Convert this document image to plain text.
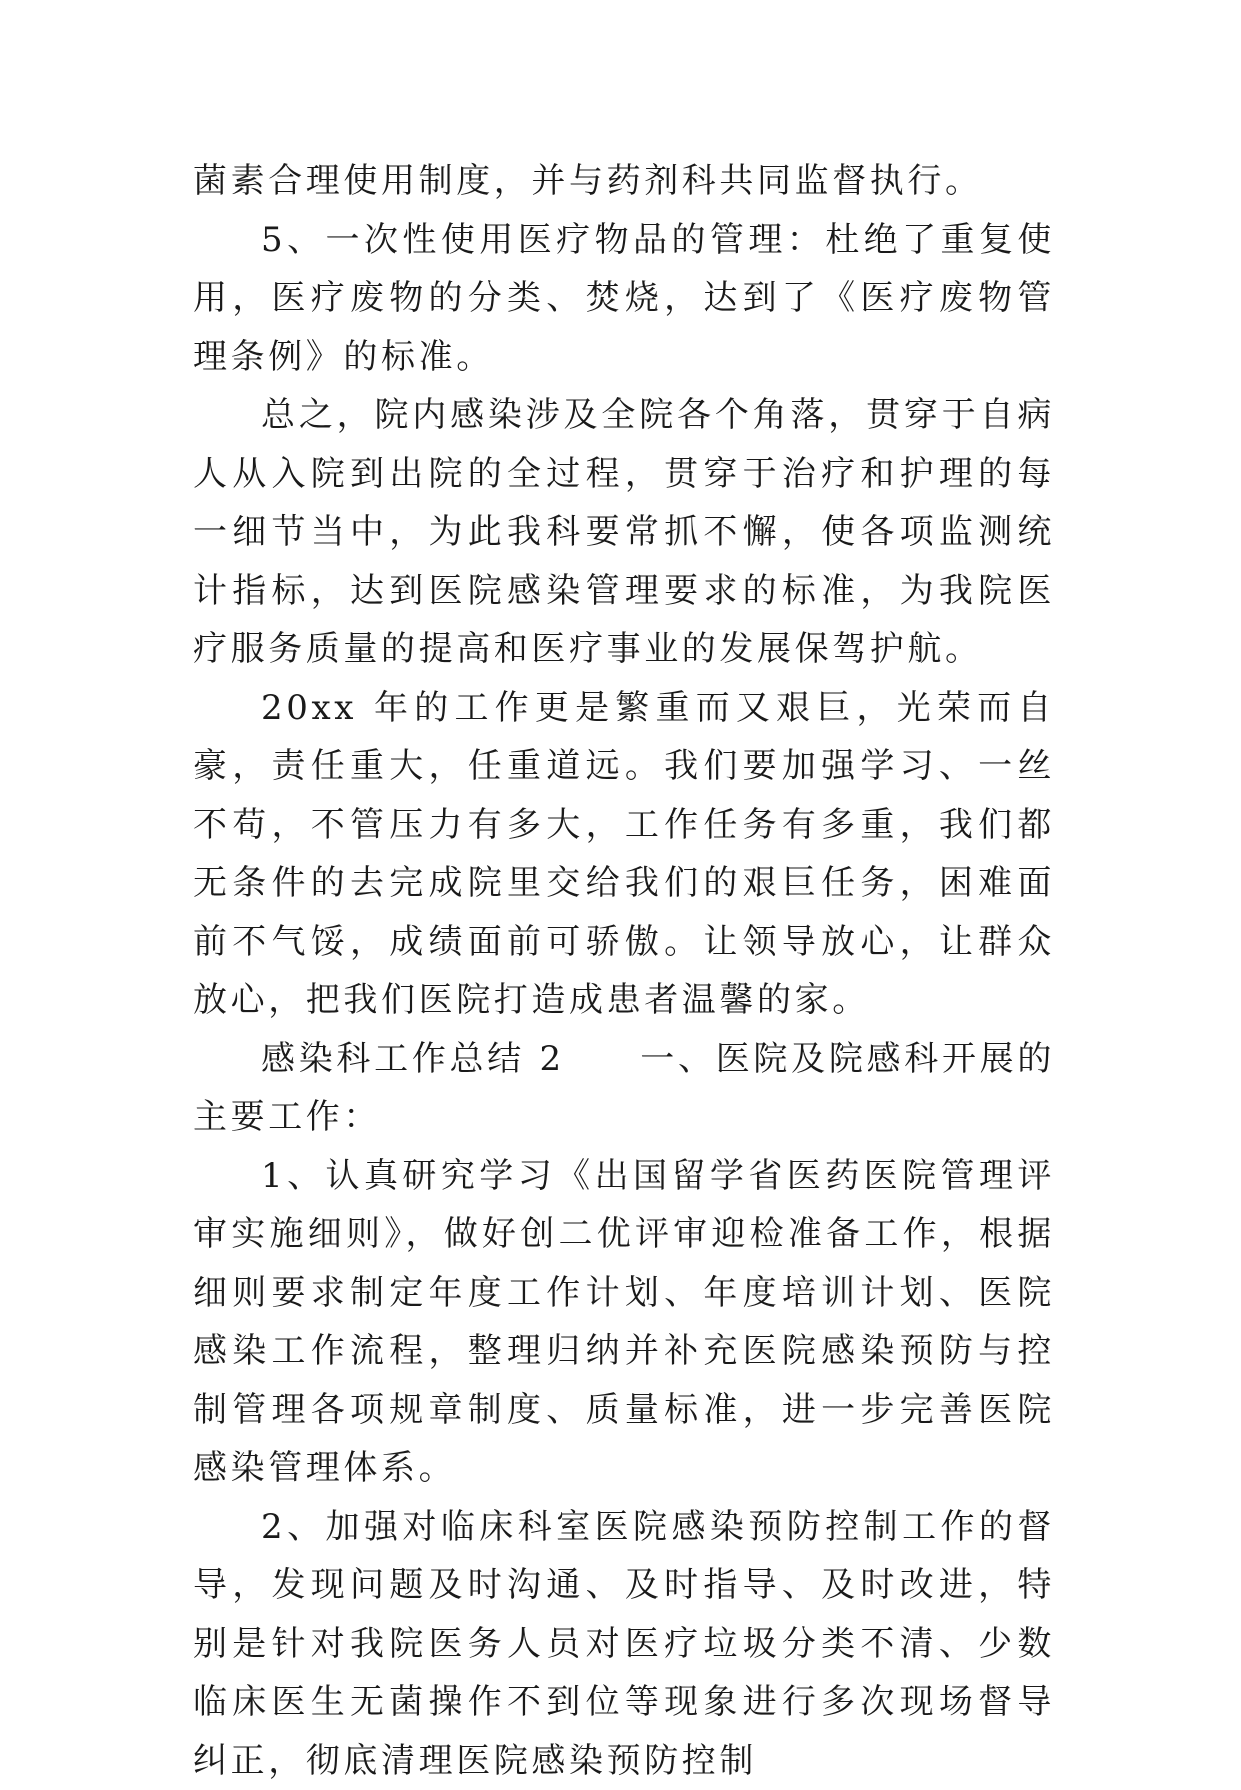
菌素合理使用制度，并与药剂科共同监督执行。

5、一次性使用医疗物品的管理：杜绝了重复使用，医疗废物的分类、焚烧，达到了《医疗废物管理条例》的标准。

总之，院内感染涉及全院各个角落，贯穿于自病人从入院到出院的全过程，贯穿于治疗和护理的每一细节当中，为此我科要常抓不懈，使各项监测统计指标，达到医院感染管理要求的标准，为我院医疗服务质量的提高和医疗事业的发展保驾护航。

20xx 年的工作更是繁重而又艰巨，光荣而自豪，责任重大，任重道远。我们要加强学习、一丝不苟，不管压力有多大，工作任务有多重，我们都无条件的去完成院里交给我们的艰巨任务，困难面前不气馁，成绩面前可骄傲。让领导放心，让群众放心，把我们医院打造成患者温馨的家。

感染科工作总结 2　　一、医院及院感科开展的主要工作：

1、认真研究学习《出国留学省医药医院管理评审实施细则》，做好创二优评审迎检准备工作，根据细则要求制定年度工作计划、年度培训计划、医院感染工作流程，整理归纳并补充医院感染预防与控制管理各项规章制度、质量标准，进一步完善医院感染管理体系。

2、加强对临床科室医院感染预防控制工作的督导，发现问题及时沟通、及时指导、及时改进，特别是针对我院医务人员对医疗垃圾分类不清、少数临床医生无菌操作不到位等现象进行多次现场督导纠正，彻底清理医院感染预防控制
